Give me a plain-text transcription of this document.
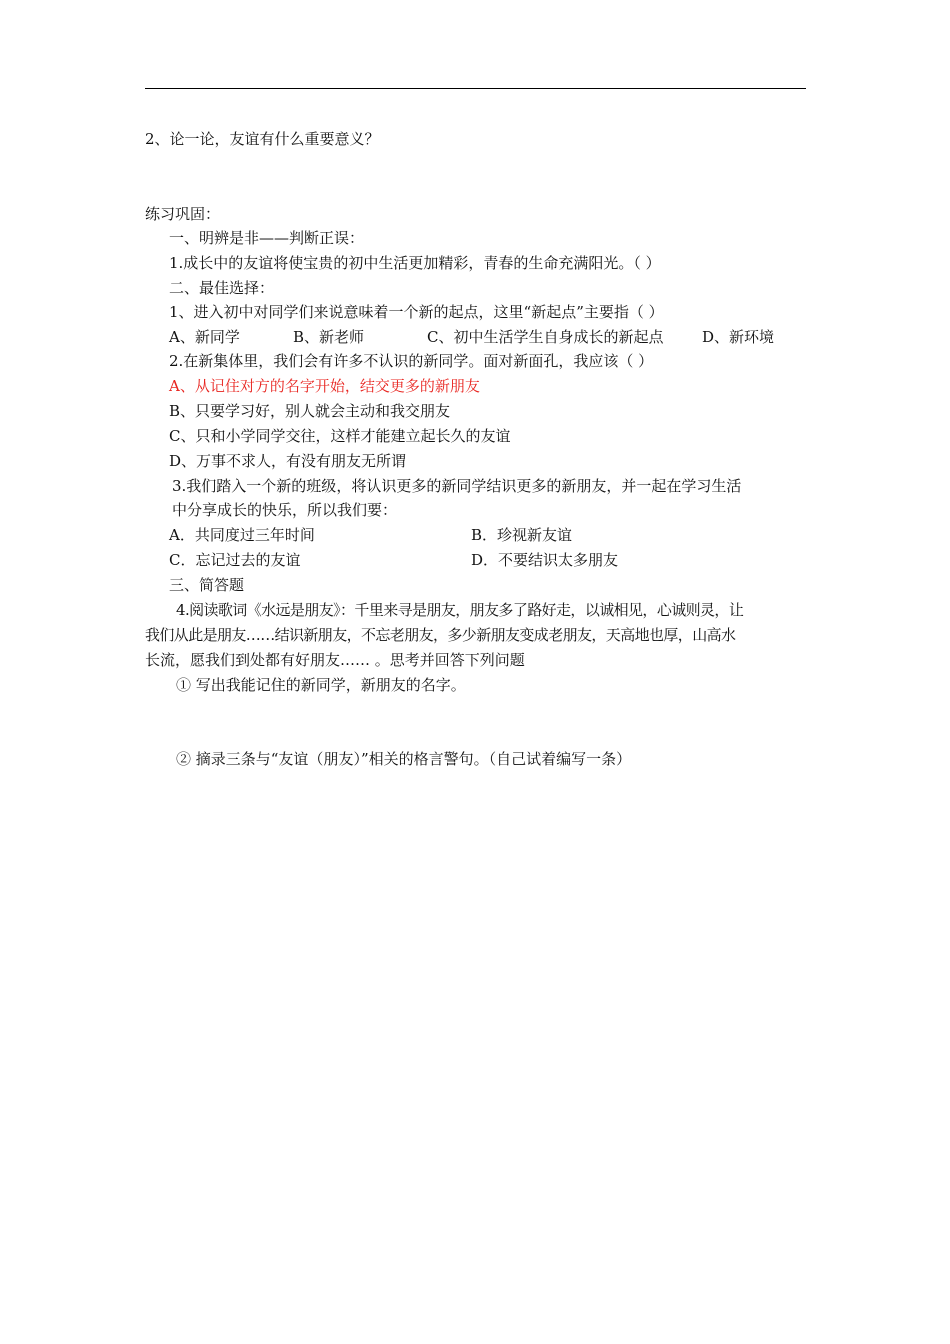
2、论一论，友谊有什么重要意义？
练习巩固：
一、明辨是非——判断正误：
1.成长中的友谊将使宝贵的初中生活更加精彩，青春的生命充满阳光。（ ）
二、最佳选择：
1、进入初中对同学们来说意味着一个新的起点，这里“新起点”主要指（ ）
A、新同学	B、新老师	C、初中生活学生自身成长的新起点	D、新环境
2.在新集体里，我们会有许多不认识的新同学。面对新面孔，我应该（ ）
A、从记住对方的名字开始，结交更多的新朋友
B、只要学习好，别人就会主动和我交朋友
C、只和小学同学交往，这样才能建立起长久的友谊
D、万事不求人，有没有朋友无所谓
3.我们踏入一个新的班级，将认识更多的新同学结识更多的新朋友，并一起在学习生活
中分享成长的快乐，所以我们要：
A．共同度过三年时间	B．珍视新友谊
C．忘记过去的友谊	D．不要结识太多朋友
三、简答题
4.阅读歌词《水远是朋友》：千里来寻是朋友，朋友多了路好走，以诚相见，心诚则灵，让
我们从此是朋友……结识新朋友，不忘老朋友，多少新朋友变成老朋友，天高地也厚，山高水
长流，愿我们到处都有好朋友…… 。思考并回答下列问题
① 写出我能记住的新同学，新朋友的名字。
② 摘录三条与“友谊（朋友）”相关的格言警句。（自己试着编写一条）
